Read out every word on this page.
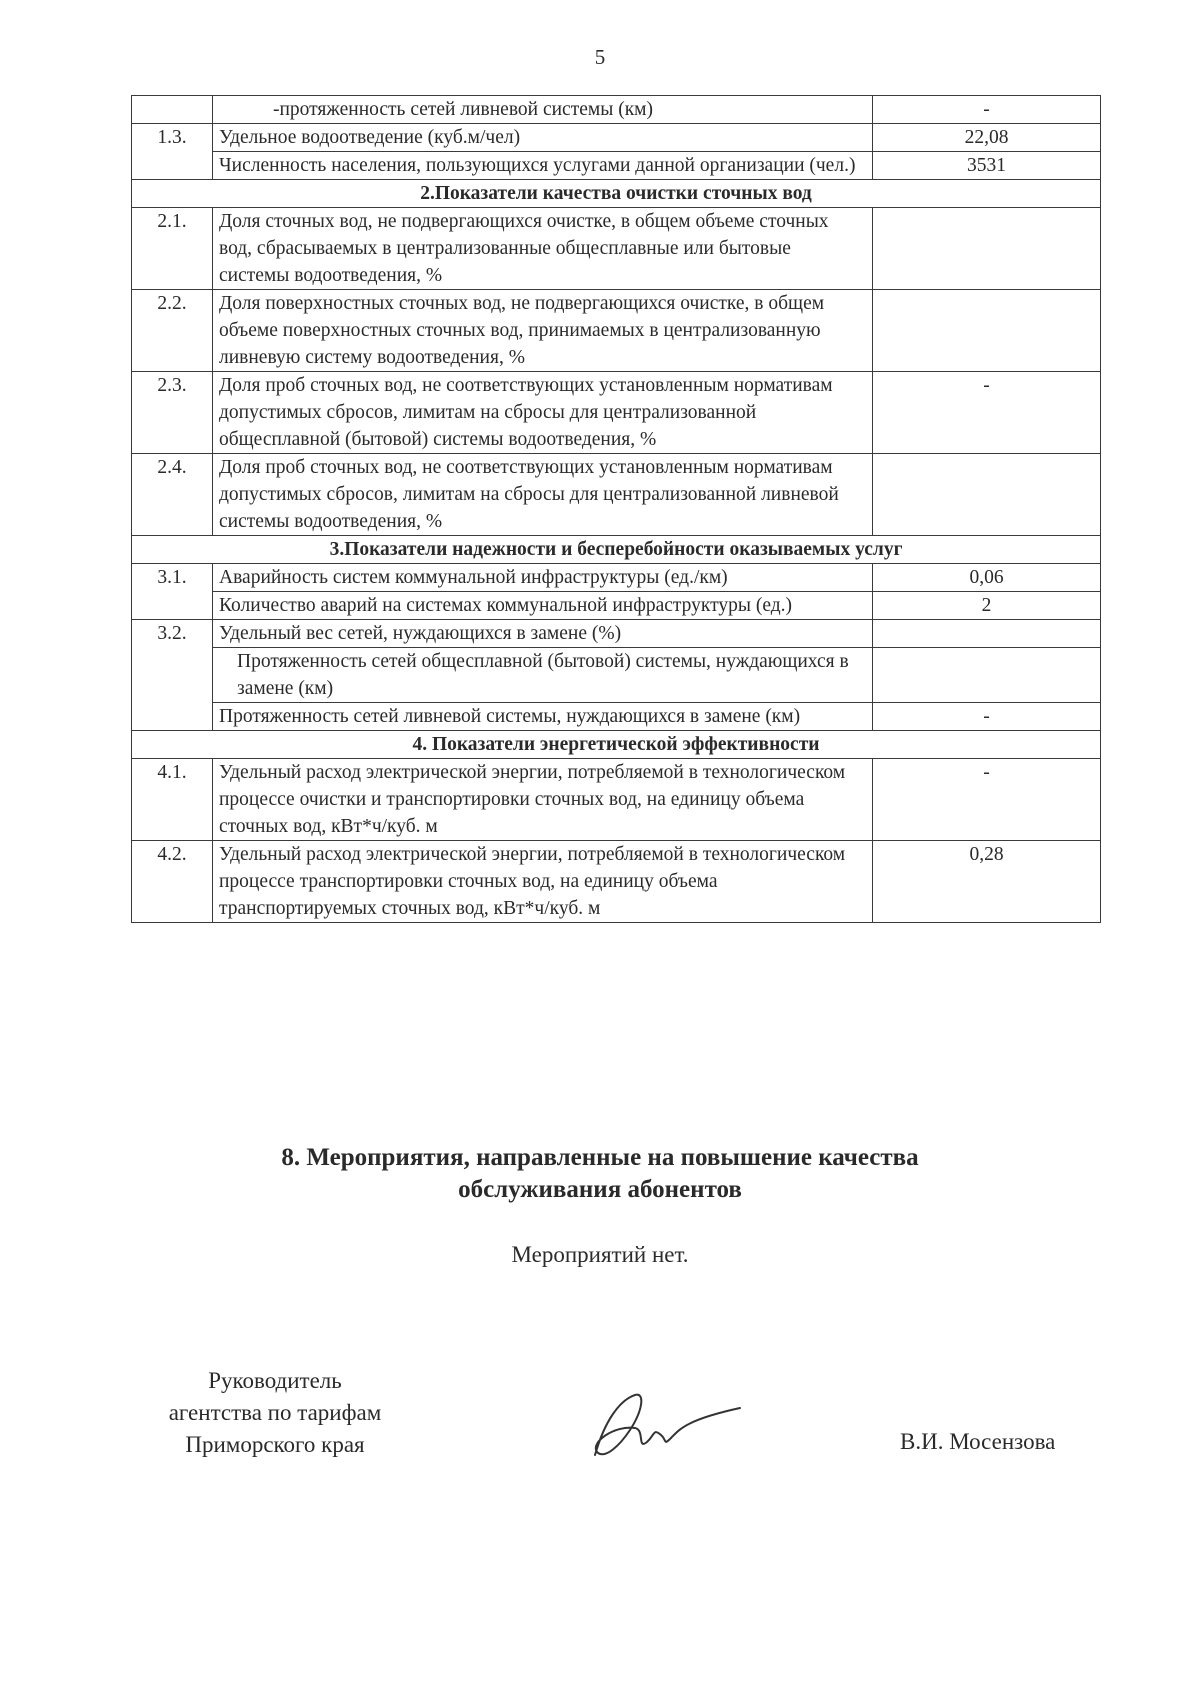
5
	-протяженность сетей ливневой системы (км)	-
1.3.	Удельное водоотведение (куб.м/чел)	22,08
	Численность населения, пользующихся услугами данной организации (чел.)	3531
2.Показатели качества очистки сточных вод		
2.1.	Доля сточных вод, не подвергающихся очистке, в общем объеме сточных вод, сбрасываемых в централизованные общесплавные или бытовые системы водоотведения, %	
2.2.	Доля поверхностных сточных вод, не подвергающихся очистке, в общем объеме поверхностных сточных вод, принимаемых в централизованную ливневую систему водоотведения, %	
2.3.	Доля проб сточных вод, не соответствующих установленным нормативам допустимых сбросов, лимитам на сбросы для централизованной общесплавной (бытовой) системы водоотведения, %	-
2.4.	Доля проб сточных вод, не соответствующих установленным нормативам допустимых сбросов, лимитам на сбросы для централизованной ливневой системы водоотведения, %	
3.Показатели надежности и бесперебойности оказываемых услуг		
3.1.	Аварийность систем коммунальной инфраструктуры (ед./км)	0,06
	Количество аварий на системах коммунальной инфраструктуры (ед.)	2
3.2.	Удельный вес сетей, нуждающихся в замене (%)	
	Протяженность сетей общесплавной (бытовой) системы, нуждающихся в замене (км)	
	Протяженность сетей ливневой системы, нуждающихся в замене (км)	-
4. Показатели энергетической эффективности		
4.1.	Удельный расход электрической энергии, потребляемой в технологическом процессе очистки и транспортировки сточных вод, на единицу объема сточных вод, кВт*ч/куб. м	-
4.2.	Удельный расход электрической энергии, потребляемой в технологическом процессе транспортировки сточных вод, на единицу объема транспортируемых сточных вод, кВт*ч/куб. м	0,28
8. Мероприятия, направленные на повышение качества
обслуживания абонентов
Мероприятий нет.
Руководитель
агентства по тарифам
Приморского края	В.И. Мосензова
